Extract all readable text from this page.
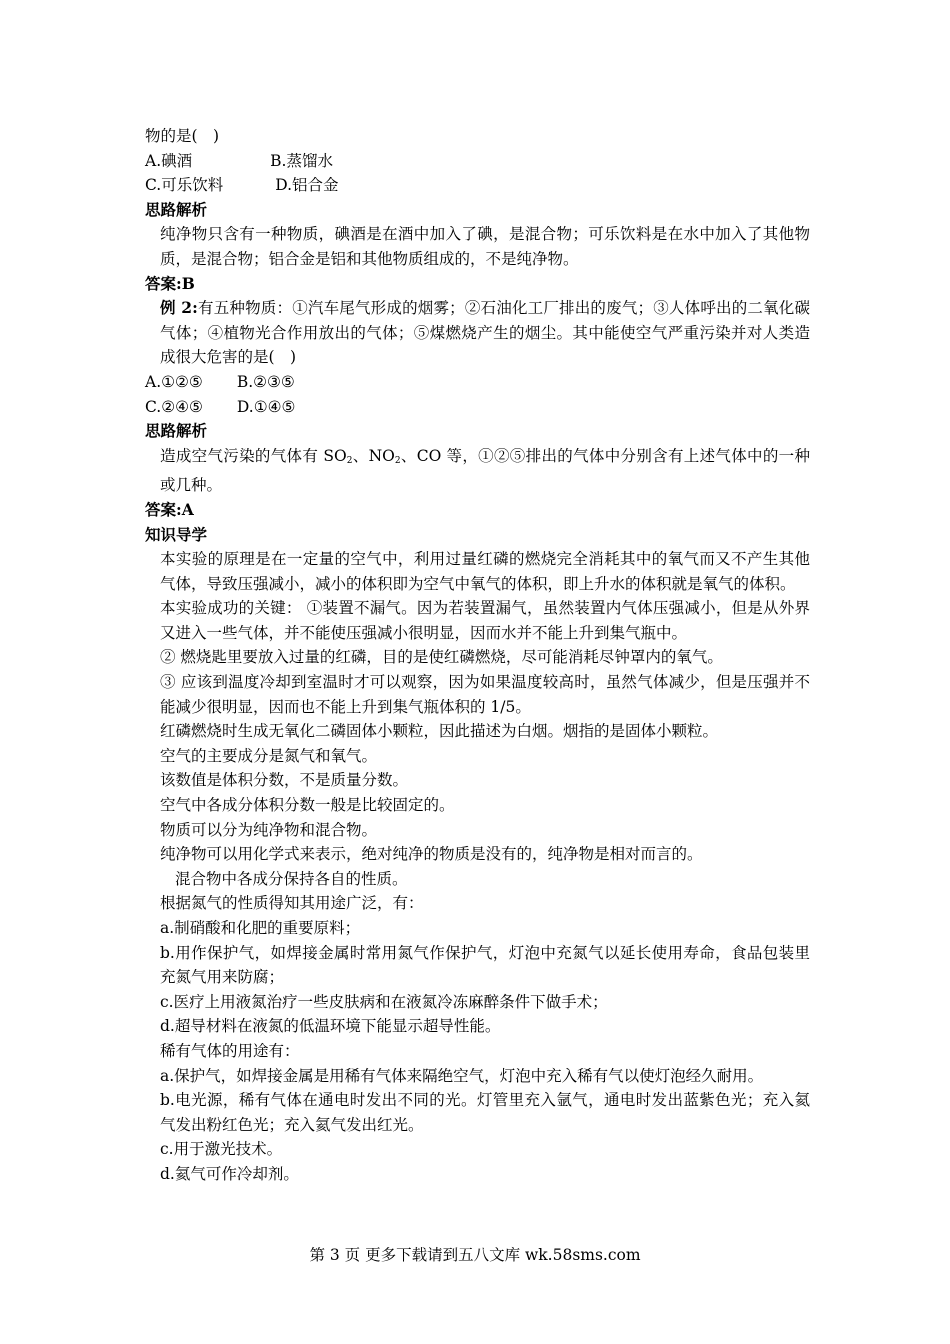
物的是(　)

A.碘酒	B.蒸馏水

C.可乐饮料	D.铝合金

思路解析

纯净物只含有一种物质，碘酒是在酒中加入了碘，是混合物；可乐饮料是在水中加入了其他物质，是混合物；铝合金是铝和其他物质组成的，不是纯净物。

答案:B

例 2:有五种物质：①汽车尾气形成的烟雾；②石油化工厂排出的废气；③人体呼出的二氧化碳气体；④植物光合作用放出的气体；⑤煤燃烧产生的烟尘。其中能使空气严重污染并对人类造成很大危害的是(　)

A.①②⑤ B.②③⑤

C.②④⑤ D.①④⑤

思路解析

造成空气污染的气体有 $SO_2$、$NO_2$、CO 等，①②⑤排出的气体中分别含有上述气体中的一种或几种。

答案:A

知识导学

本实验的原理是在一定量的空气中，利用过量红磷的燃烧完全消耗其中的氧气而又不产生其他气体，导致压强减小，减小的体积即为空气中氧气的体积，即上升水的体积就是氧气的体积。

本实验成功的关键： ①装置不漏气。因为若装置漏气，虽然装置内气体压强减小，但是从外界又进入一些气体，并不能使压强减小很明显，因而水并不能上升到集气瓶中。

② 燃烧匙里要放入过量的红磷，目的是使红磷燃烧，尽可能消耗尽钟罩内的氧气。

③ 应该到温度冷却到室温时才可以观察，因为如果温度较高时，虽然气体减少，但是压强并不能减少很明显，因而也不能上升到集气瓶体积的 1/5。

红磷燃烧时生成无氧化二磷固体小颗粒，因此描述为白烟。烟指的是固体小颗粒。

空气的主要成分是氮气和氧气。

该数值是体积分数，不是质量分数。

空气中各成分体积分数一般是比较固定的。

物质可以分为纯净物和混合物。

纯净物可以用化学式来表示，绝对纯净的物质是没有的，纯净物是相对而言的。

混合物中各成分保持各自的性质。

根据氮气的性质得知其用途广泛，有：

a.制硝酸和化肥的重要原料；

b.用作保护气，如焊接金属时常用氮气作保护气，灯泡中充氮气以延长使用寿命，食品包装里充氮气用来防腐；

c.医疗上用液氮治疗一些皮肤病和在液氮冷冻麻醉条件下做手术；

d.超导材料在液氮的低温环境下能显示超导性能。

稀有气体的用途有：

a.保护气，如焊接金属是用稀有气体来隔绝空气，灯泡中充入稀有气以使灯泡经久耐用。

b.电光源，稀有气体在通电时发出不同的光。灯管里充入氩气，通电时发出蓝紫色光；充入氦气发出粉红色光；充入氦气发出红光。

c.用于激光技术。

d.氦气可作冷却剂。

第 3 页 更多下载请到五八文库 wk.58sms.com
